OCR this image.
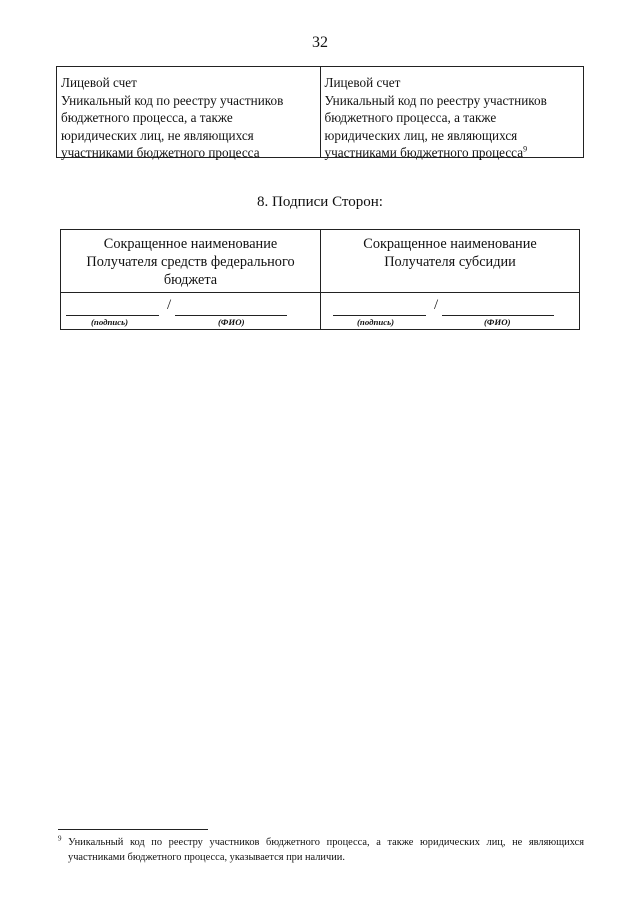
32
Лицевой счет
Уникальный код по реестру участников
бюджетного процесса, а также
юридических лиц, не являющихся
участниками бюджетного процесса
Лицевой счет
Уникальный код по реестру участников
бюджетного процесса, а также
юридических лиц, не являющихся
участниками бюджетного процесса$^9$
8. Подписи Сторон:
Сокращенное наименование
Получателя средств федерального
бюджета
Сокращенное наименование
Получателя субсидии
/
(подпись)	(ФИО)
/
(подпись)	(ФИО)
$^9$ Уникальный код по реестру участников бюджетного процесса, а также юридических лиц, не являющихся
участниками бюджетного процесса, указывается при наличии.
